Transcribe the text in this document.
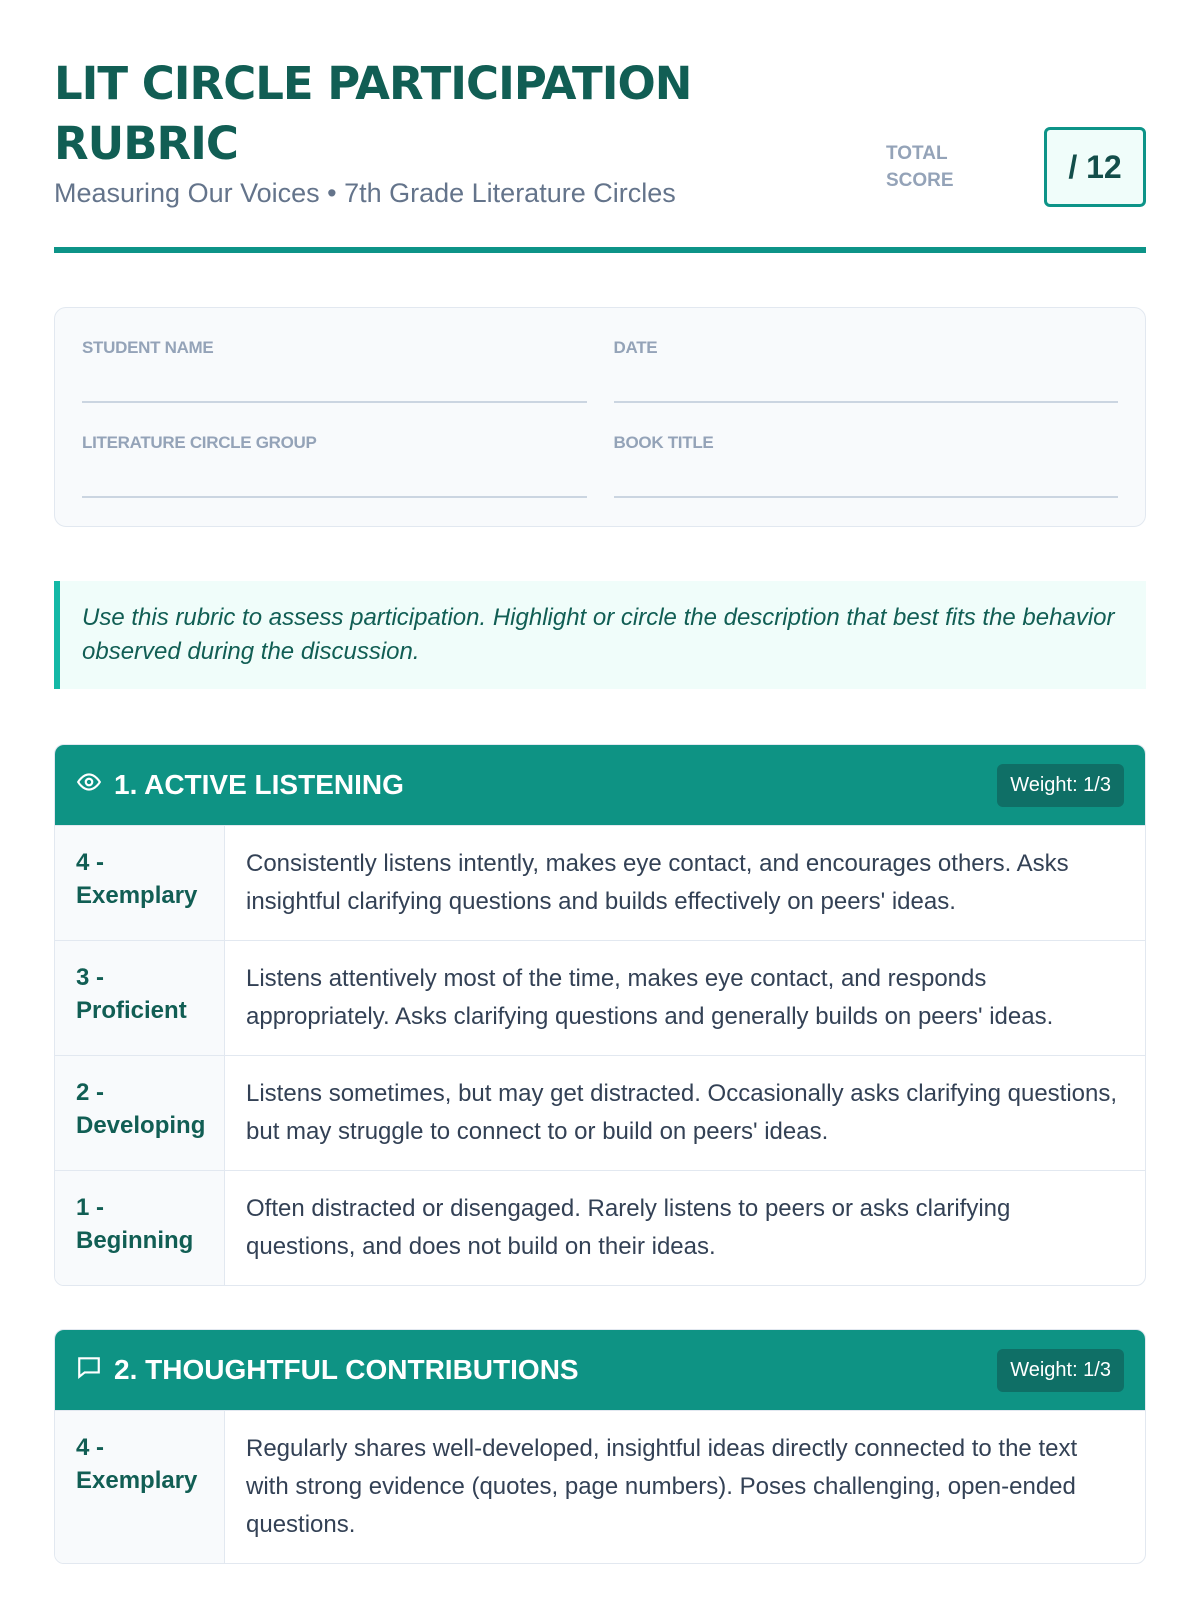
LIT CIRCLE PARTICIPATION RUBRIC
Measuring Our Voices • 7th Grade Literature Circles
TOTAL SCORE	/ 12
STUDENT NAME	DATE
LITERATURE CIRCLE GROUP	BOOK TITLE
Use this rubric to assess participation. Highlight or circle the description that best fits the behavior observed during the discussion.
1. ACTIVE LISTENING	Weight: 1/3
4 - Exemplary
Consistently listens intently, makes eye contact, and encourages others. Asks insightful clarifying questions and builds effectively on peers' ideas.
3 - Proficient
Listens attentively most of the time, makes eye contact, and responds appropriately. Asks clarifying questions and generally builds on peers' ideas.
2 - Developing
Listens sometimes, but may get distracted. Occasionally asks clarifying questions, but may struggle to connect to or build on peers' ideas.
1 - Beginning
Often distracted or disengaged. Rarely listens to peers or asks clarifying questions, and does not build on their ideas.
2. THOUGHTFUL CONTRIBUTIONS	Weight: 1/3
4 - Exemplary
Regularly shares well-developed, insightful ideas directly connected to the text with strong evidence (quotes, page numbers). Poses challenging, open-ended questions.
